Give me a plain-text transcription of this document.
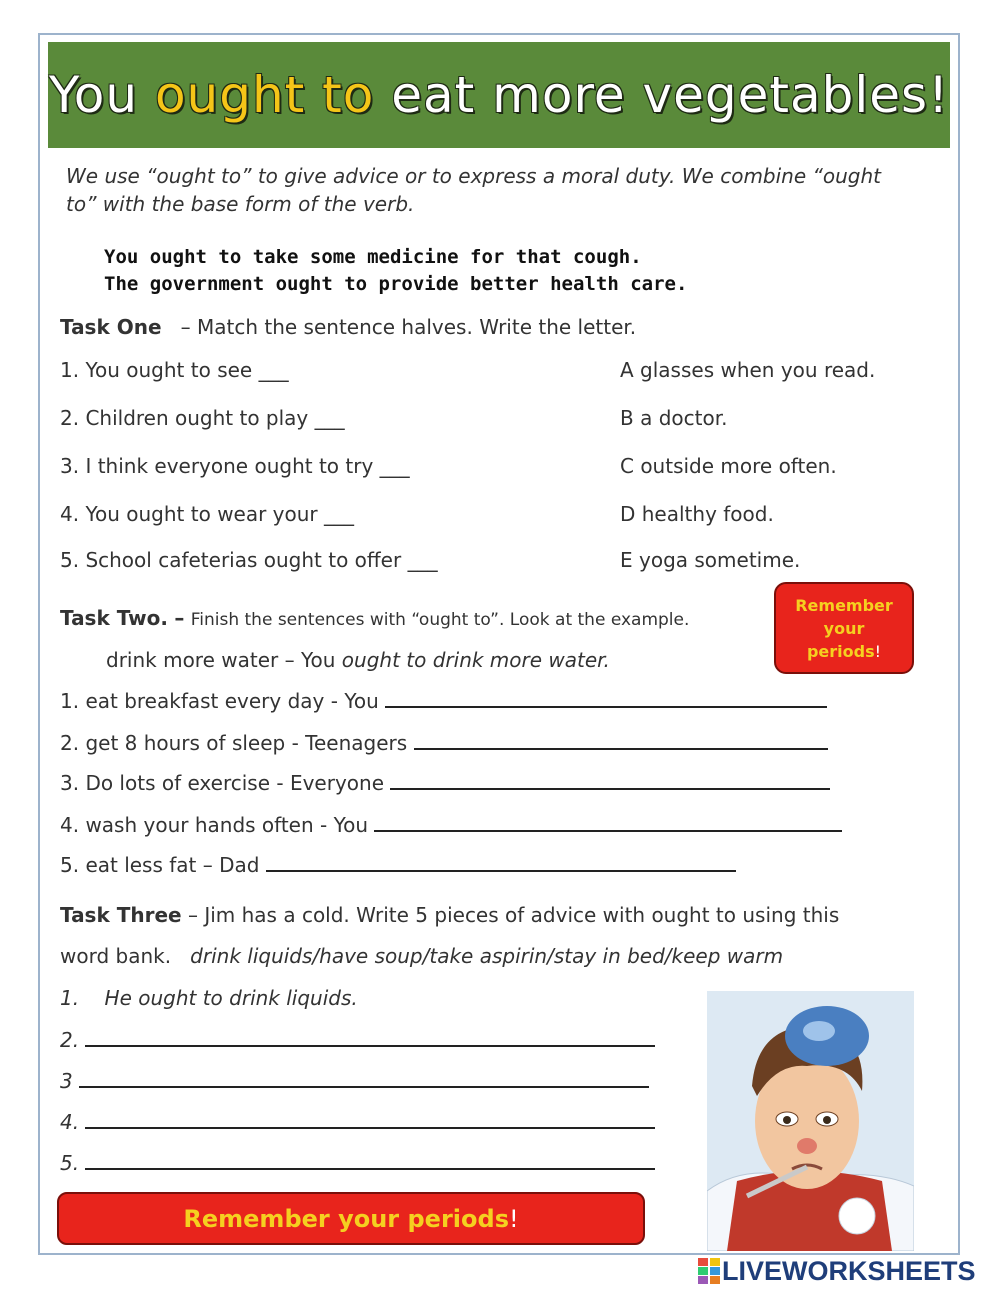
You ought to eat more vegetables!
We use “ought to” to give advice or to express a moral duty. We combine “ought to” with the base form of the verb.
You ought to take some medicine for that cough.
The government ought to provide better health care.
Task One – Match the sentence halves. Write the letter.
1. You ought to see ___
2. Children ought to play ___
3. I think everyone ought to try ___
4. You ought to wear your ___
5. School cafeterias ought to offer ___
A glasses when you read.
B a doctor.
C outside more often.
D healthy food.
E yoga sometime.
Remember
your
periods!
Task Two. – Finish the sentences with “ought to”. Look at the example.
drink more water – You ought to drink more water.
1. eat breakfast every day - You
2. get 8 hours of sleep - Teenagers
3. Do lots of exercise - Everyone
4. wash your hands often - You
5. eat less fat – Dad
Task Three – Jim has a cold. Write 5 pieces of advice with ought to using this
word bank. drink liquids/have soup/take aspirin/stay in bed/keep warm
1. He ought to drink liquids.
2.
3
4.
5.
Remember your periods !
LIVEWORKSHEETS
